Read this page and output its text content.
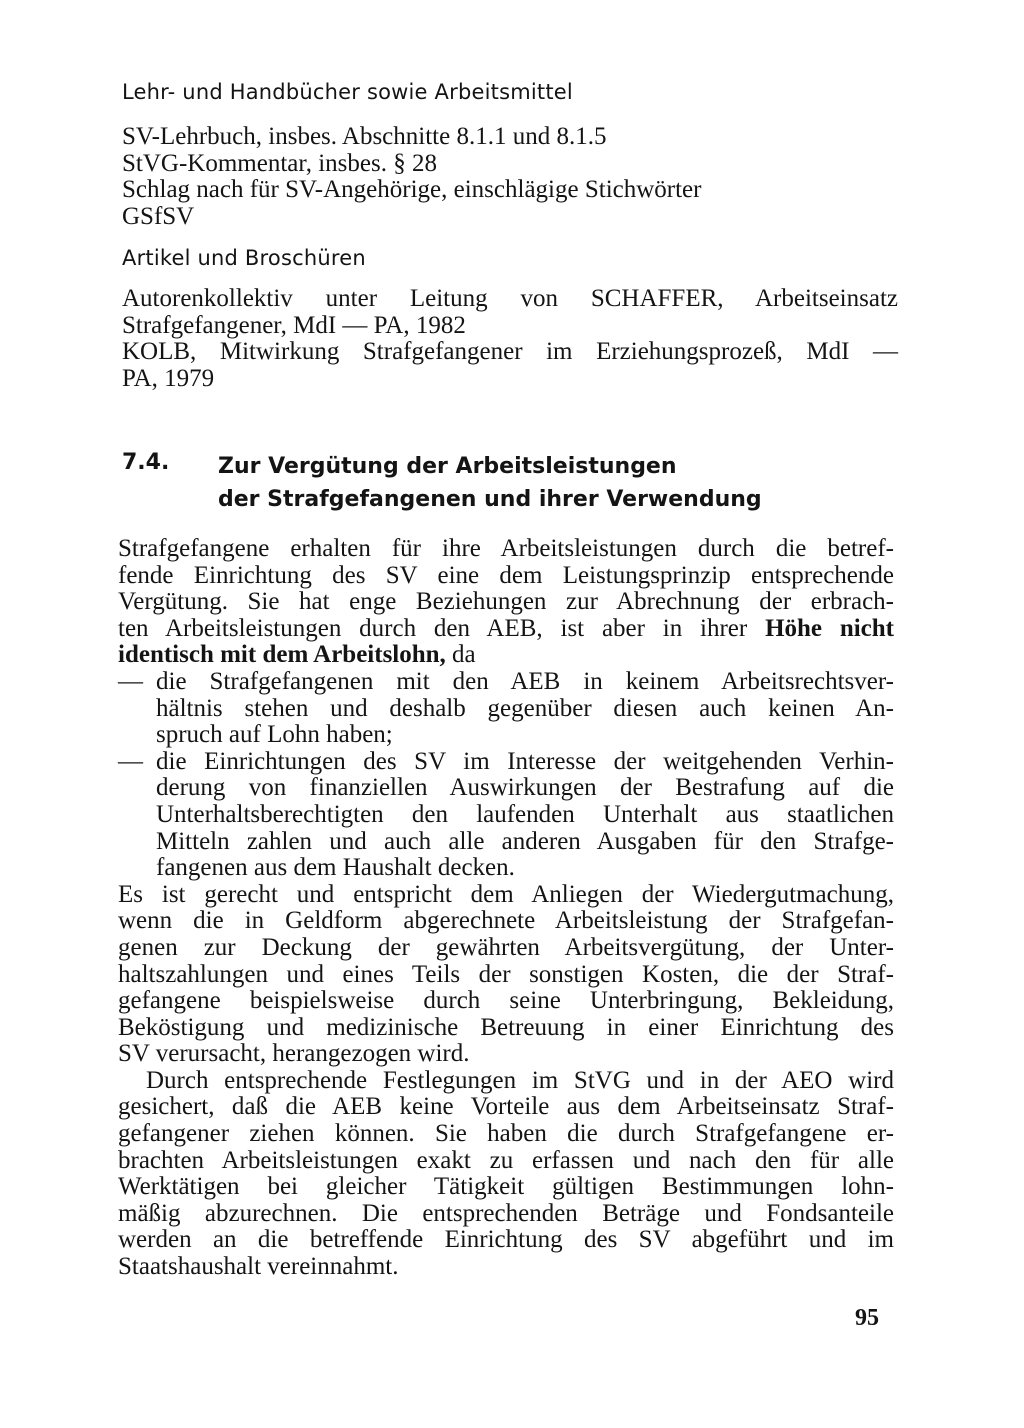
Lehr- und Handbücher sowie Arbeitsmittel
SV-Lehrbuch, insbes. Abschnitte 8.1.1 und 8.1.5
StVG-Kommentar, insbes. § 28
Schlag nach für SV-Angehörige, einschlägige Stichwörter
GSfSV
Artikel und Broschüren
Autorenkollektiv unter Leitung von SCHAFFER, Arbeitseinsatz
Strafgefangener, MdI — PA, 1982
KOLB, Mitwirkung Strafgefangener im Erziehungsprozeß, MdI —
PA, 1979
7.4. Zur Vergütung der Arbeitsleistungen
der Strafgefangenen und ihrer Verwendung
Strafgefangene erhalten für ihre Arbeitsleistungen durch die betref-
fende Einrichtung des SV eine dem Leistungsprinzip entsprechende
Vergütung. Sie hat enge Beziehungen zur Abrechnung der erbrach-
ten Arbeitsleistungen durch den AEB, ist aber in ihrer Höhe nicht
identisch mit dem Arbeitslohn, da
— die Strafgefangenen mit den AEB in keinem Arbeitsrechtsver-
hältnis stehen und deshalb gegenüber diesen auch keinen An-
spruch auf Lohn haben;
— die Einrichtungen des SV im Interesse der weitgehenden Verhin-
derung von finanziellen Auswirkungen der Bestrafung auf die
Unterhaltsberechtigten den laufenden Unterhalt aus staatlichen
Mitteln zahlen und auch alle anderen Ausgaben für den Strafge-
fangenen aus dem Haushalt decken.
Es ist gerecht und entspricht dem Anliegen der Wiedergutmachung,
wenn die in Geldform abgerechnete Arbeitsleistung der Strafgefan-
genen zur Deckung der gewährten Arbeitsvergütung, der Unter-
haltszahlungen und eines Teils der sonstigen Kosten, die der Straf-
gefangene beispielsweise durch seine Unterbringung, Bekleidung,
Beköstigung und medizinische Betreuung in einer Einrichtung des
SV verursacht, herangezogen wird.
Durch entsprechende Festlegungen im StVG und in der AEO wird
gesichert, daß die AEB keine Vorteile aus dem Arbeitseinsatz Straf-
gefangener ziehen können. Sie haben die durch Strafgefangene er-
brachten Arbeitsleistungen exakt zu erfassen und nach den für alle
Werktätigen bei gleicher Tätigkeit gültigen Bestimmungen lohn-
mäßig abzurechnen. Die entsprechenden Beträge und Fondsanteile
werden an die betreffende Einrichtung des SV abgeführt und im
Staatshaushalt vereinnahmt.
95
